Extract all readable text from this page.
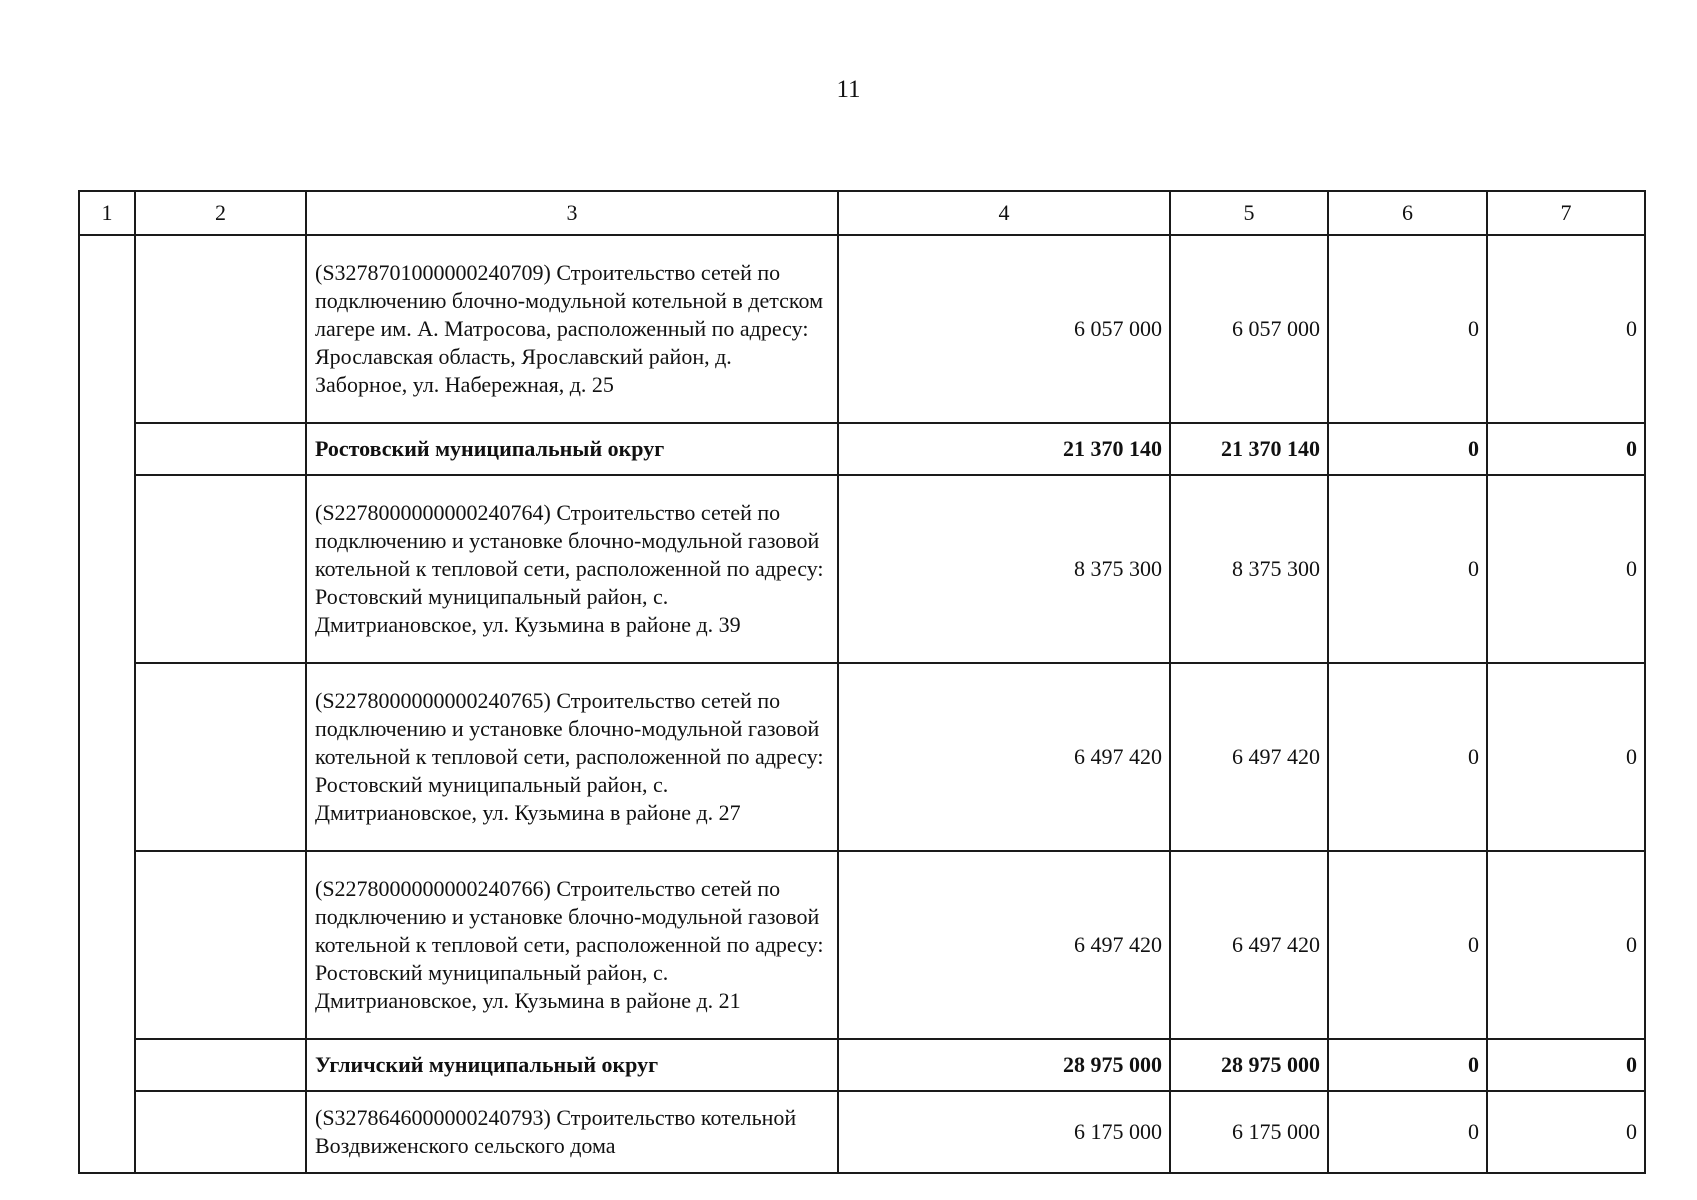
11
1	2	3	4	5	6	7
		(S3278701000000240709) Строительство сетей по подключению блочно-модульной котельной в детском лагере им. А. Матросова, расположенный по адресу: Ярославская область, Ярославский район, д. Заборное, ул. Набережная, д. 25	6 057 000	6 057 000	0	0
		Ростовский муниципальный округ	21 370 140	21 370 140	0	0
		(S2278000000000240764) Строительство сетей по подключению и установке блочно-модульной газовой котельной к тепловой сети, расположенной по адресу: Ростовский муниципальный район, с. Дмитриановское, ул. Кузьмина в районе д. 39	8 375 300	8 375 300	0	0
		(S2278000000000240765) Строительство сетей по подключению и установке блочно-модульной газовой котельной к тепловой сети, расположенной по адресу: Ростовский муниципальный район, с. Дмитриановское, ул. Кузьмина в районе д. 27	6 497 420	6 497 420	0	0
		(S2278000000000240766) Строительство сетей по подключению и установке блочно-модульной газовой котельной к тепловой сети, расположенной по адресу: Ростовский муниципальный район, с. Дмитриановское, ул. Кузьмина в районе д. 21	6 497 420	6 497 420	0	0
		Угличский муниципальный округ	28 975 000	28 975 000	0	0
		(S3278646000000240793) Строительство котельной Воздвиженского сельского дома	6 175 000	6 175 000	0	0
